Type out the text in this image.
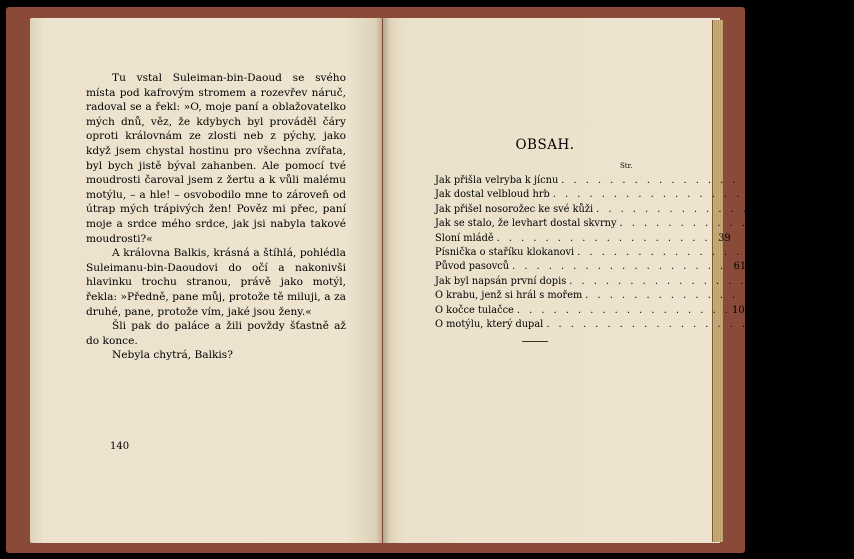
Tu vstal Suleiman-bin-Daoud se svého místa pod kafrovým stromem a rozevřev náruč, radoval se a řekl: »O, moje paní a oblažovatelko mých dnů, věz, že kdybych byl prováděl čáry oproti královnám ze zlosti neb z pýchy, jako když jsem chystal hostinu pro všechna zvířata, byl bych jistě býval zahanben. Ale pomocí tvé moudrosti čaroval jsem z žertu a k vůli malému motýlu, – a hle! – osvobodilo mne to zároveň od útrap mých trápivých žen! Pověz mi přec, paní moje a srdce mého srdce, jak jsi nabyla takové moudrosti?«

A královna Balkis, krásná a štíhlá, pohlédla Suleimanu-bin-Daoudovi do očí a nakonivši hlavinku trochu stranou, právě jako motýl, řekla: »Předně, pane můj, protože tě miluji, a za druhé, pane, protože vím, jaké jsou ženy.«

Šli pak do paláce a žili povždy šťastně až do konce.

Nebyla chytrá, Balkis?

140
OBSAH.
Str.
Jak přišla velryba k jícnu . . . . . . . . . . . . . . . . . .	9
Jak dostal velbloud hrb . . . . . . . . . . . . . . . . . . 15
Jak přišel nosorožec ke své kůži . . . . . . . . . . . . . . . . . . 21
Jak se stalo, že levhart dostal skvrny . . . . . . . . . . . . . . . . . . 27
Sloní mládě . . . . . . . . . . . . . . . . . . 39
Písnička o staříku klokanovi . . . . . . . . . . . . . . . . . . 53
Původ pasovců . . . . . . . . . . . . . . . . . . 61
Jak byl napsán první dopis . . . . . . . . . . . . . . . . . . 75
O krabu, jenž si hrál s mořem . . . . . . . . . . . . . . . . . . 91
O kočce tulačce . . . . . . . . . . . . . . . . . . 107
O motýlu, který dupal . . . . . . . . . . . . . . . . . . 125
